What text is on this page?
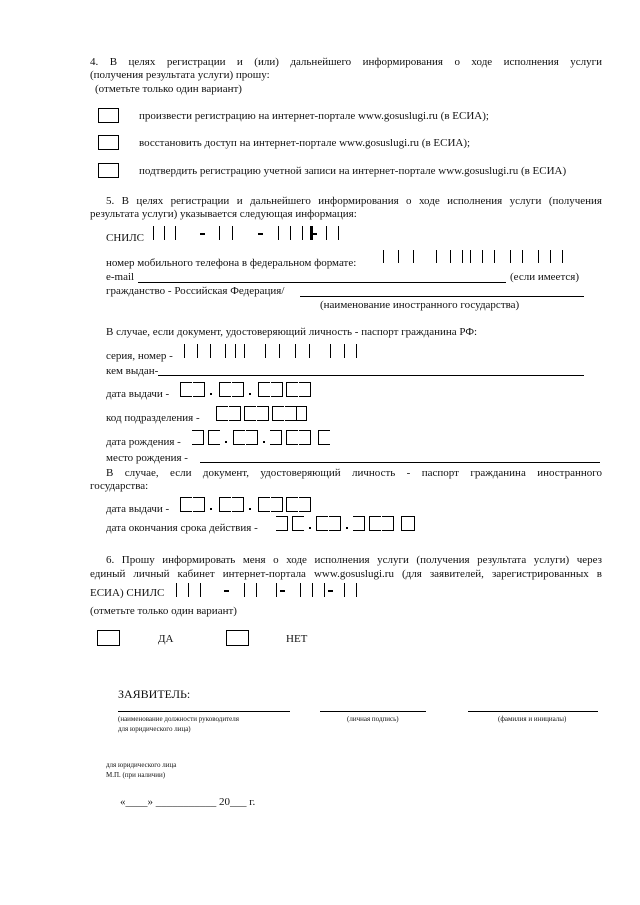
4. В целях регистрации и (или) дальнейшего информирования о ходе исполнения услуги
(получения результата услуги) прошу:
(отметьте только один вариант)
произвести регистрацию на интернет-портале www.gosuslugi.ru (в ЕСИА);
восстановить доступ на интернет-портале www.gosuslugi.ru (в ЕСИА);
подтвердить регистрацию учетной записи на интернет-портале www.gosuslugi.ru (в ЕСИА)
5. В целях регистрации и дальнейшего информирования о ходе исполнения услуги (получения
результата услуги) указывается следующая информация:
СНИЛС
номер мобильного телефона в федеральном формате:
e-mail	(если имеется)
гражданство - Российская Федерация/
(наименование иностранного государства)
В случае, если документ, удостоверяющий личность - паспорт гражданина РФ:
серия, номер -
кем выдан-
дата выдачи -
код подразделения -
дата рождения -
место рождения -
В случае, если документ, удостоверяющий личность - паспорт гражданина иностранного
государства:
дата выдачи -
дата окончания срока действия -
6. Прошу информировать меня о ходе исполнения услуги (получения результата услуги) через
единый личный кабинет интернет-портала www.gosuslugi.ru (для заявителей, зарегистрированных в
ЕСИА) СНИЛС
(отметьте только один вариант)
ДА	НЕТ
ЗАЯВИТЕЛЬ:
(наименование должности руководителя
для юридического лица)
(личная подпись)	(фамилия и инициалы)
для юридического лица
М.П. (при наличии)
«____» ___________ 20___ г.
